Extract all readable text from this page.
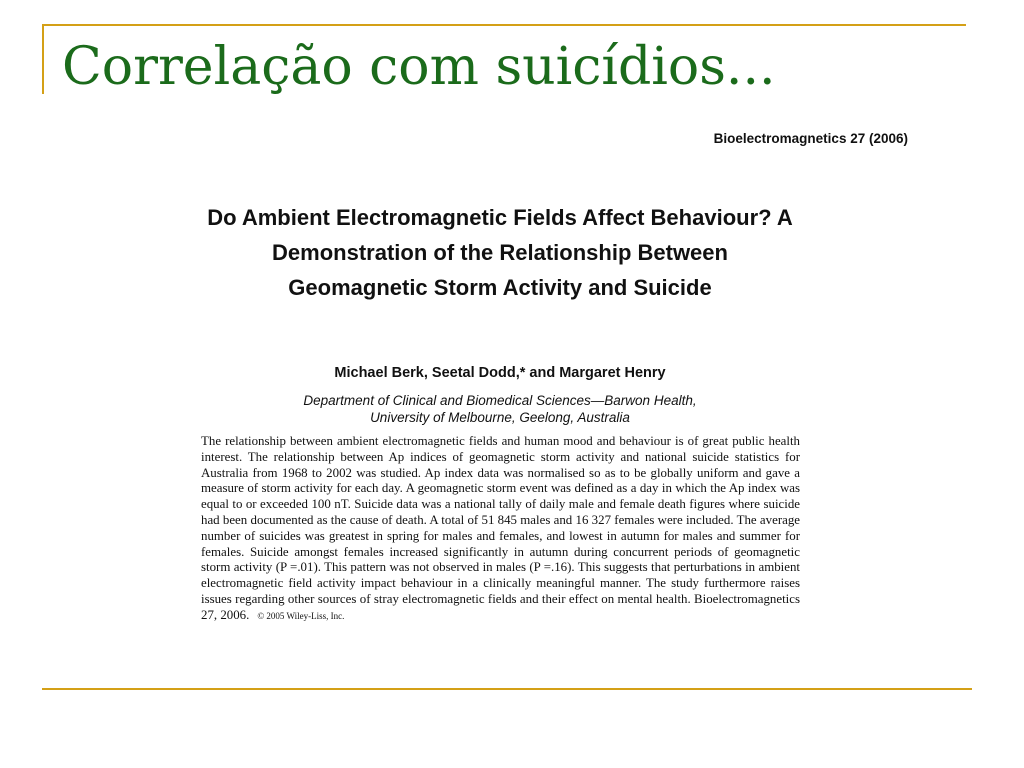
Correlação com suicídios...
Bioelectromagnetics 27 (2006)
Do Ambient Electromagnetic Fields Affect Behaviour? A Demonstration of the Relationship Between Geomagnetic Storm Activity and Suicide
Michael Berk, Seetal Dodd,* and Margaret Henry
Department of Clinical and Biomedical Sciences—Barwon Health,
University of Melbourne, Geelong, Australia

The relationship between ambient electromagnetic fields and human mood and behaviour is of great public health interest. The relationship between Ap indices of geomagnetic storm activity and national suicide statistics for Australia from 1968 to 2002 was studied. Ap index data was normalised so as to be globally uniform and gave a measure of storm activity for each day. A geomagnetic storm event was defined as a day in which the Ap index was equal to or exceeded 100 nT. Suicide data was a national tally of daily male and female death figures where suicide had been documented as the cause of death. A total of 51 845 males and 16 327 females were included. The average number of suicides was greatest in spring for males and females, and lowest in autumn for males and summer for females. Suicide amongst females increased significantly in autumn during concurrent periods of geomagnetic storm activity (P =.01). This pattern was not observed in males (P =.16). This suggests that perturbations in ambient electromagnetic field activity impact behaviour in a clinically meaningful manner. The study furthermore raises issues regarding other sources of stray electromagnetic fields and their effect on mental health. Bioelectromagnetics 27, 2006. © 2005 Wiley-Liss, Inc.
